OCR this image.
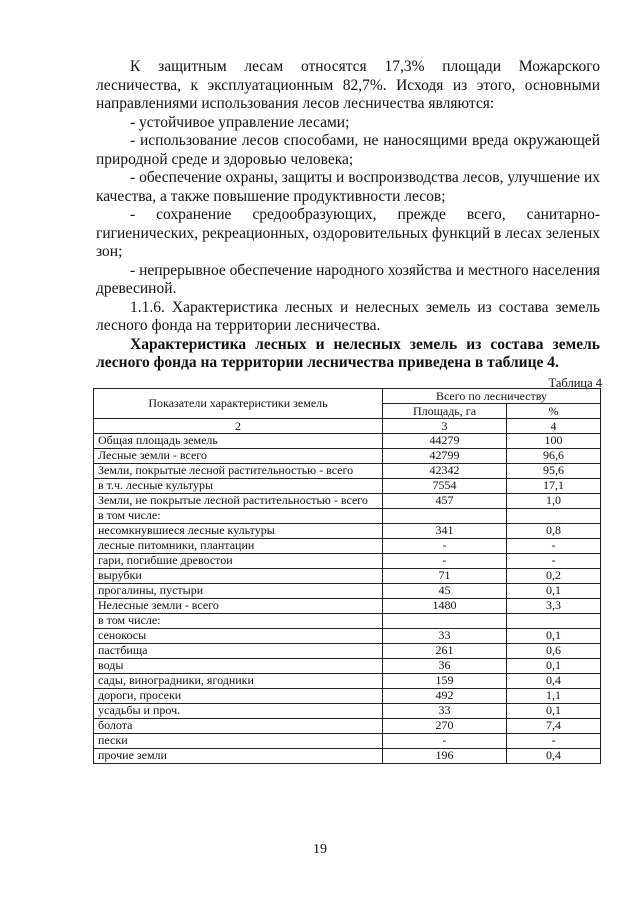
К защитным лесам относятся 17,3% площади Можарского лесничества, к эксплуатационным 82,7%. Исходя из этого, основными направлениями использования лесов лесничества являются:

- устойчивое управление лесами;

- использование лесов способами, не наносящими вреда окружающей природной среде и здоровью человека;

- обеспечение охраны, защиты и воспроизводства лесов, улучшение их качества, а также повышение продуктивности лесов;

- сохранение средообразующих, прежде всего, санитарно-гигиенических, рекреационных, оздоровительных функций в лесах зеленых зон;

- непрерывное обеспечение народного хозяйства и местного населения древесиной.

1.1.6. Характеристика лесных и нелесных земель из состава земель лесного фонда на территории лесничества.

Характеристика лесных и нелесных земель из состава земель лесного фонда на территории лесничества приведена в таблице 4.

Таблица 4
Показатели характеристики земель	Всего по лесничеству	
	Площадь, га	%
2	3	4
Общая площадь земель	44279	100
Лесные земли - всего	42799	96,6
Земли, покрытые лесной растительностью - всего	42342	95,6
в т.ч. лесные культуры	7554	17,1
Земли, не покрытые лесной растительностью - всего	457	1,0
в том числе:		
несомкнувшиеся лесные культуры	341	0,8
лесные питомники, плантации	-	-
гари, погибшие древостои	-	-
вырубки	71	0,2
прогалины, пустыри	45	0,1
Нелесные земли - всего	1480	3,3
в том числе:		
сенокосы	33	0,1
пастбища	261	0,6
воды	36	0,1
сады, виноградники, ягодники	159	0,4
дороги, просеки	492	1,1
усадьбы и проч.	33	0,1
болота	270	7,4
пески	-	-
прочие земли	196	0,4
19
